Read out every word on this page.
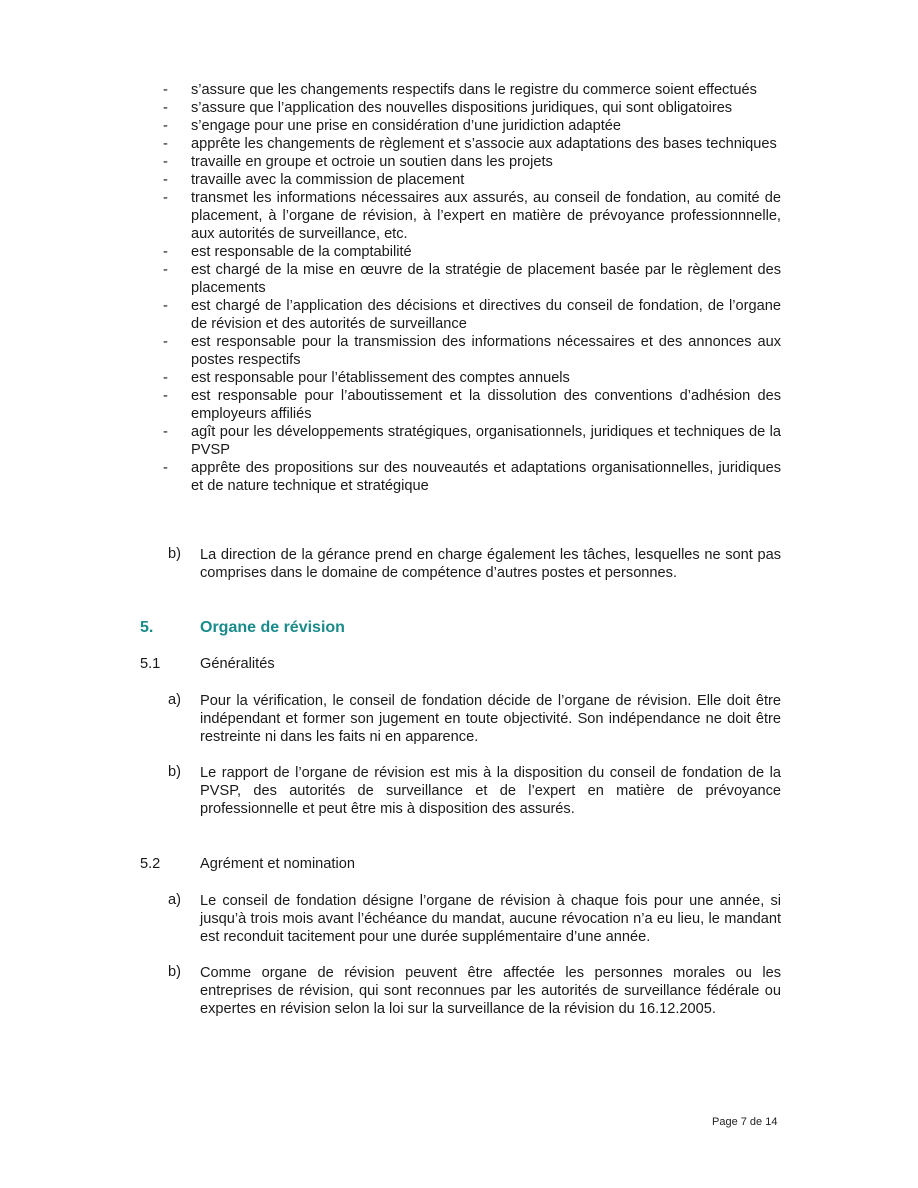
- s’assure que les changements respectifs dans le registre du commerce soient effectués
- s’assure que l’application des nouvelles dispositions juridiques, qui sont obligatoires
- s’engage pour une prise en considération d’une juridiction adaptée
- apprête les changements de règlement et s’associe aux adaptations des bases techniques
- travaille en groupe et octroie un soutien dans les projets
- travaille avec la commission de placement
- transmet les informations nécessaires aux assurés, au conseil de fondation, au comité de placement, à l’organe de révision, à l’expert en matière de prévoyance professionnnelle, aux autorités de surveillance, etc.
- est responsable de la comptabilité
- est chargé de la mise en œuvre de la stratégie de placement basée par le règlement des placements
- est chargé de l’application des décisions et directives du conseil de fondation, de l’organe de révision et des autorités de surveillance
- est responsable pour la transmission des informations nécessaires et des annonces aux postes respectifs
- est responsable pour l’établissement des comptes annuels
- est responsable pour l’aboutissement et la dissolution des conventions d’adhésion des employeurs affiliés
- agît pour les développements stratégiques, organisationnels, juridiques et techniques de la PVSP
- apprête des propositions sur des nouveautés et adaptations organisationnelles, juridiques et de nature technique et stratégique
b) La direction de la gérance prend en charge également les tâches, lesquelles ne sont pas comprises dans le domaine de compétence d’autres postes et personnes.
5.	Organe de révision
5.1	Généralités
a) Pour la vérification, le conseil de fondation décide de l’organe de révision. Elle doit être indépendant et former son jugement en toute objectivité. Son indépendance ne doit être restreinte ni dans les faits ni en apparence.
b) Le rapport de l’organe de révision est mis à la disposition du conseil de fondation de la PVSP, des autorités de surveillance et de l’expert en matière de prévoyance professionnelle et peut être mis à disposition des assurés.
5.2	Agrément et nomination
a) Le conseil de fondation désigne l’organe de révision à chaque fois pour une année, si jusqu’à trois mois avant l’échéance du mandat, aucune révocation n’a eu lieu, le mandant est reconduit tacitement pour une durée supplémentaire d’une année.
b) Comme organe de révision peuvent être affectée les personnes morales ou les entreprises de révision, qui sont reconnues par les autorités de surveillance fédérale ou expertes en révision selon la loi sur la surveillance de la révision du 16.12.2005.
Page 7 de 14
